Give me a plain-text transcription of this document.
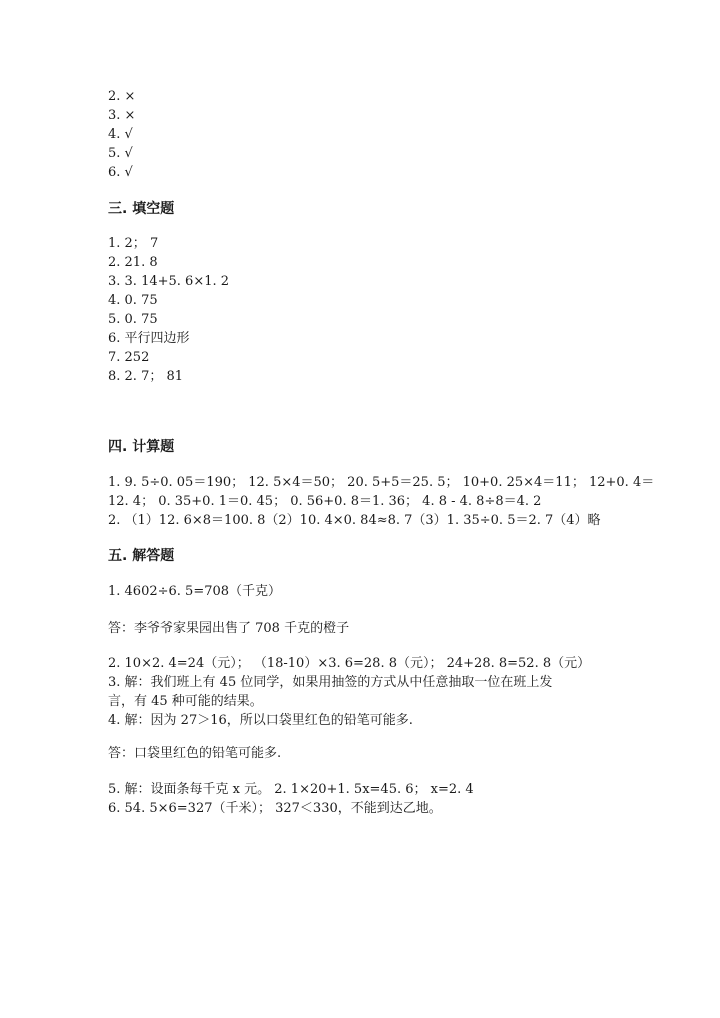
2. ×
3. ×
4. √
5. √
6. √
三. 填空题
1. 2； 7
2. 21. 8
3. 3. 14+5. 6×1. 2
4. 0. 75
5. 0. 75
6. 平行四边形
7. 252
8. 2. 7； 81
四. 计算题
1. 9. 5÷0. 05＝190； 12. 5×4＝50； 20. 5+5＝25. 5； 10+0. 25×4＝11； 12+0. 4＝
12. 4； 0. 35+0. 1＝0. 45； 0. 56+0. 8＝1. 36； 4. 8 - 4. 8÷8＝4. 2
2. （1）12. 6×8＝100. 8（2）10. 4×0. 84≈8. 7（3）1. 35÷0. 5＝2. 7（4）略
五. 解答题
1. 4602÷6. 5=708（千克）
答：李爷爷家果园出售了 708 千克的橙子
2. 10×2. 4=24（元）； （18-10）×3. 6=28. 8（元）； 24+28. 8=52. 8（元）
3. 解：我们班上有 45 位同学，如果用抽签的方式从中任意抽取一位在班上发
言，有 45 种可能的结果。
4. 解：因为 27＞16，所以口袋里红色的铅笔可能多.
答：口袋里红色的铅笔可能多.
5. 解：设面条每千克 x 元。 2. 1×20+1. 5x=45. 6； x=2. 4
6. 54. 5×6=327（千米）； 327＜330，不能到达乙地。
